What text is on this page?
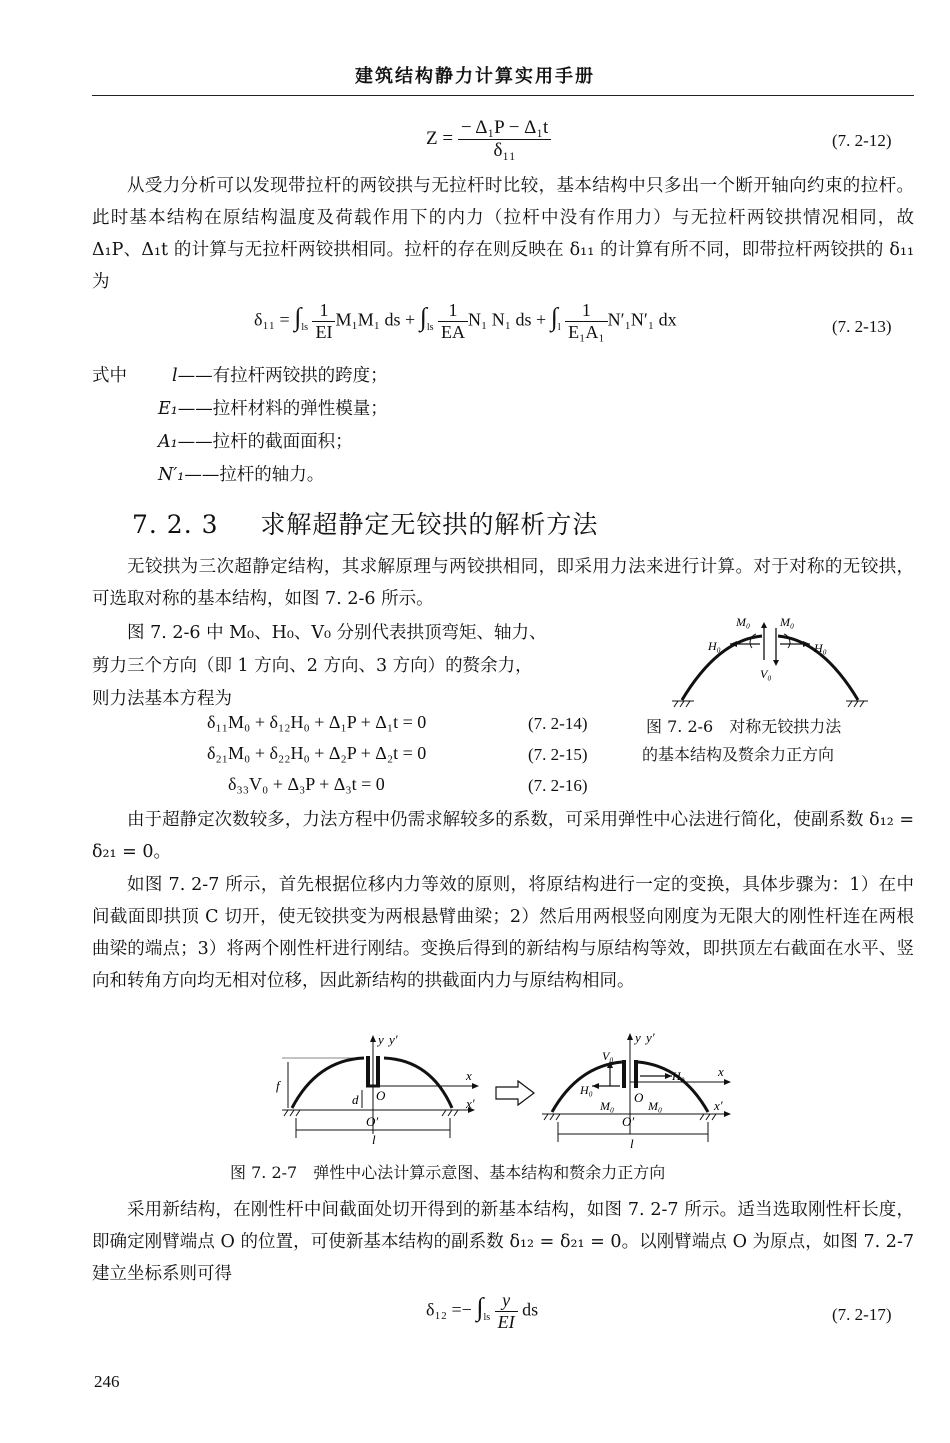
建筑结构静力计算实用手册
$Z = \frac{\text{− Δ₁P − Δ₁t}}{\text{δ₁₁}}$	(7. 2-12)
从受力分析可以发现带拉杆的两铰拱与无拉杆时比较，基本结构中只多出一个断开轴向约束的拉杆。此时基本结构在原结构温度及荷载作用下的内力（拉杆中没有作用力）与无拉杆两铰拱情况相同，故 Δ₁P、Δ₁t 的计算与无拉杆两铰拱相同。拉杆的存在则反映在 δ₁₁ 的计算有所不同，即带拉杆两铰拱的 δ₁₁ 为
$\delta_{11} = \int_{ls} \frac{1}{EI} M_1M_1$ ds + $\int_{ls} \frac{1}{EA} N_1$ N₁ ds + $\int_l \frac{1}{\text{E₁A₁}} N'_1N'_1$ dx	(7. 2-13)
式中	l——有拉杆两铰拱的跨度；
E₁——拉杆材料的弹性模量；
A₁——拉杆的截面面积；
N′₁——拉杆的轴力。
7. 2. 3 求解超静定无铰拱的解析方法
无铰拱为三次超静定结构，其求解原理与两铰拱相同，即采用力法来进行计算。对于对称的无铰拱，可选取对称的基本结构，如图 7. 2-6 所示。
图 7. 2-6 中 M₀、H₀、V₀ 分别代表拱顶弯矩、轴力、
剪力三个方向（即 1 方向、2 方向、3 方向）的赘余力，
则力法基本方程为
δ₁₁M₀ + δ₁₂H₀ + Δ₁P + Δ₁t = 0	(7. 2-14)
δ₂₁M₀ + δ₂₂H₀ + Δ₂P + Δ₂t = 0	(7. 2-15)
δ₃₃V₀ + Δ₃P + Δ₃t = 0	(7. 2-16)
M₀ M₀
H₀	H₀
V₀
图 7. 2-6　对称无铰拱力法
的基本结构及赘余力正方向
由于超静定次数较多，力法方程中仍需求解较多的系数，可采用弹性中心法进行简化，使副系数 δ₁₂ = δ₂₁ = 0。
如图 7. 2-7 所示，首先根据位移内力等效的原则，将原结构进行一定的变换，具体步骤为：1）在中间截面即拱顶 C 切开，使无铰拱变为两根悬臂曲梁；2）然后用两根竖向刚度为无限大的刚性杆连在两根曲梁的端点；3）将两个刚性杆进行刚结。变换后得到的新结构与原结构等效，即拱顶左右截面在水平、竖向和转角方向均无相对位移，因此新结构的拱截面内力与原结构相同。
y y′
x
x′
f
d O
O′
l
y y′
x
x′
V₀
H₀
H₀
M₀	M₀
O
O′
l
图 7. 2-7　弹性中心法计算示意图、基本结构和赘余力正方向
采用新结构，在刚性杆中间截面处切开得到的新基本结构，如图 7. 2-7 所示。适当选取刚性杆长度，即确定刚臂端点 O 的位置，可使新基本结构的副系数 δ₁₂ = δ₂₁ = 0。以刚臂端点 O 为原点，如图 7. 2-7 建立坐标系则可得
$\delta_{12} =- \int_{ls} \frac{y}{EI}$ ds	(7. 2-17)
246
